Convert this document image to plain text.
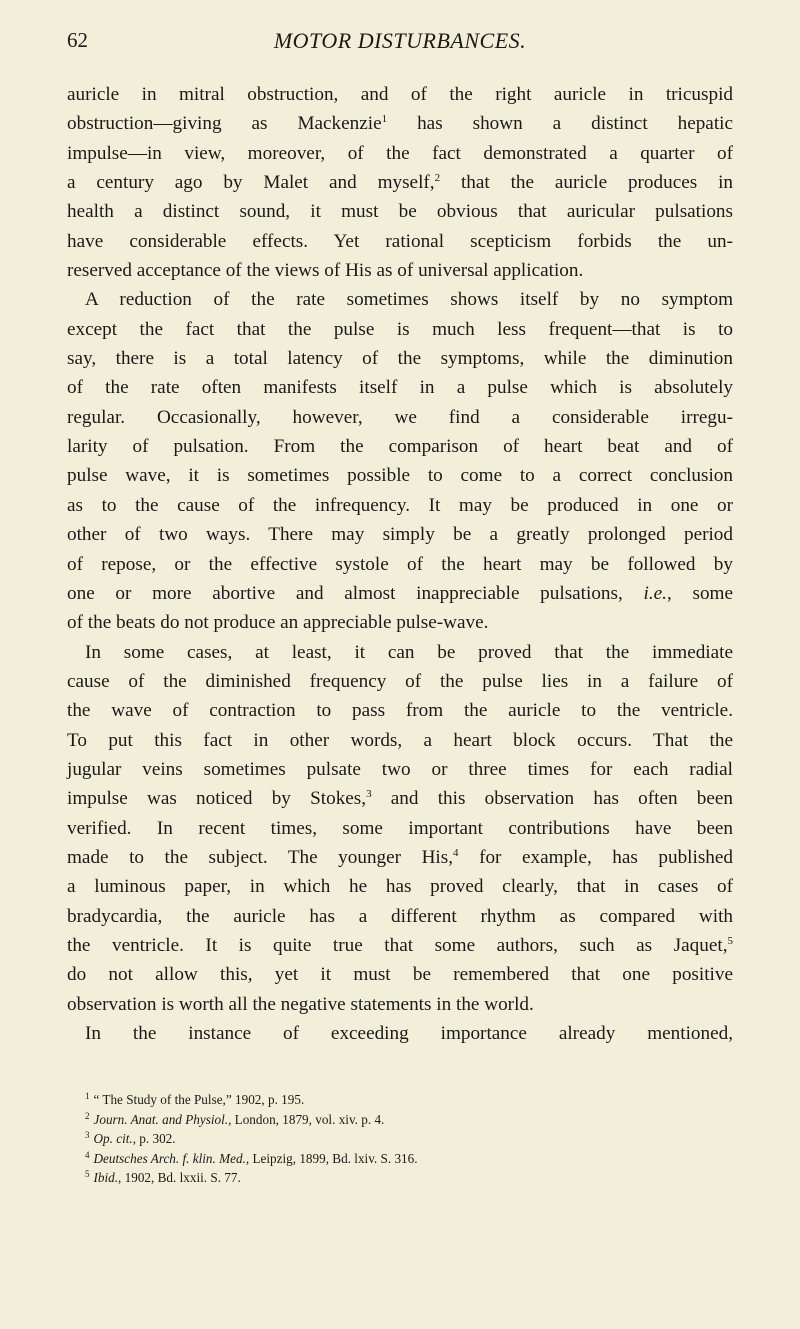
62	MOTOR DISTURBANCES.
auricle in mitral obstruction, and of the right auricle in tricuspid
obstruction—giving as Mackenzie$^1$ has shown a distinct hepatic
impulse—in view, moreover, of the fact demonstrated a quarter of
a century ago by Malet and myself,$^2$ that the auricle produces in
health a distinct sound, it must be obvious that auricular pulsations
have considerable effects. Yet rational scepticism forbids the un-
reserved acceptance of the views of His as of universal application.
A reduction of the rate sometimes shows itself by no symptom
except the fact that the pulse is much less frequent—that is to
say, there is a total latency of the symptoms, while the diminution
of the rate often manifests itself in a pulse which is absolutely
regular. Occasionally, however, we find a considerable irregu-
larity of pulsation. From the comparison of heart beat and of
pulse wave, it is sometimes possible to come to a correct conclusion
as to the cause of the infrequency. It may be produced in one or
other of two ways. There may simply be a greatly prolonged period
of repose, or the effective systole of the heart may be followed by
one or more abortive and almost inappreciable pulsations, i.e., some
of the beats do not produce an appreciable pulse-wave.
In some cases, at least, it can be proved that the immediate
cause of the diminished frequency of the pulse lies in a failure of
the wave of contraction to pass from the auricle to the ventricle.
To put this fact in other words, a heart block occurs. That the
jugular veins sometimes pulsate two or three times for each radial
impulse was noticed by Stokes,$^3$ and this observation has often been
verified. In recent times, some important contributions have been
made to the subject. The younger His,$^4$ for example, has published
a luminous paper, in which he has proved clearly, that in cases of
bradycardia, the auricle has a different rhythm as compared with
the ventricle. It is quite true that some authors, such as Jaquet,$^5$
do not allow this, yet it must be remembered that one positive
observation is worth all the negative statements in the world.
In the instance of exceeding importance already mentioned,
$^1$ “ The Study of the Pulse,” 1902, p. 195.
$^2$ Journ. Anat. and Physiol., London, 1879, vol. xiv. p. 4.
$^3$ Op. cit., p. 302.
$^4$ Deutsches Arch. f. klin. Med., Leipzig, 1899, Bd. lxiv. S. 316.
$^5$ Ibid., 1902, Bd. lxxii. S. 77.
